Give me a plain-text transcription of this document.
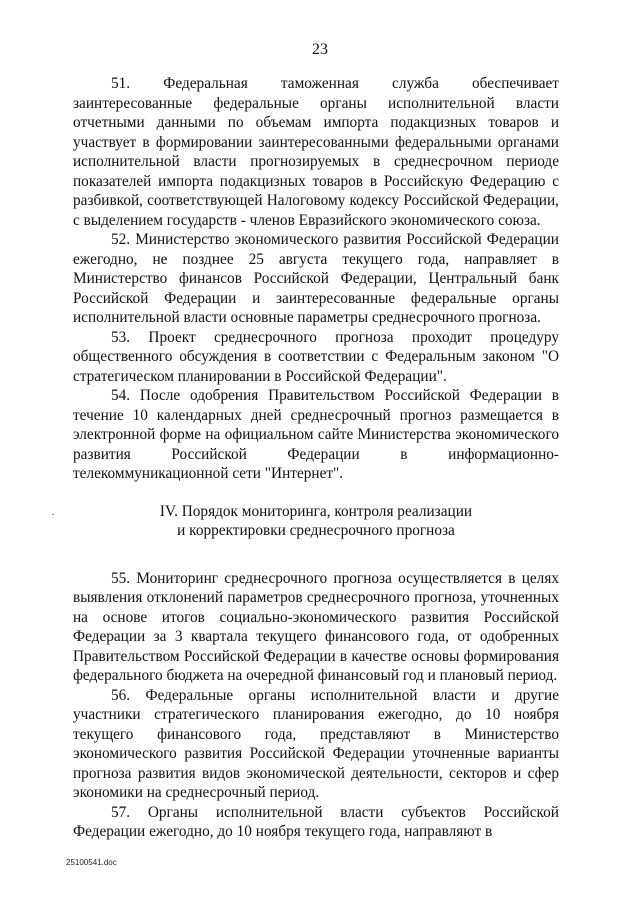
23

51. Федеральная таможенная служба обеспечивает заинтересованные федеральные органы исполнительной власти отчетными данными по объемам импорта подакцизных товаров и участвует в формировании заинтересованными федеральными органами исполнительной власти прогнозируемых в среднесрочном периоде показателей импорта подакцизных товаров в Российскую Федерацию с разбивкой, соответствующей Налоговому кодексу Российской Федерации, с выделением государств - членов Евразийского экономического союза.

52. Министерство экономического развития Российской Федерации ежегодно, не позднее 25 августа текущего года, направляет в Министерство финансов Российской Федерации, Центральный банк Российской Федерации и заинтересованные федеральные органы исполнительной власти основные параметры среднесрочного прогноза.

53. Проект среднесрочного прогноза проходит процедуру общественного обсуждения в соответствии с Федеральным законом "О стратегическом планировании в Российской Федерации".

54. После одобрения Правительством Российской Федерации в течение 10 календарных дней среднесрочный прогноз размещается в электронной форме на официальном сайте Министерства экономического развития Российской Федерации в информационно-телекоммуникационной сети "Интернет".

IV. Порядок мониторинга, контроля реализации
и корректировки среднесрочного прогноза

55. Мониторинг среднесрочного прогноза осуществляется в целях выявления отклонений параметров среднесрочного прогноза, уточненных на основе итогов социально-экономического развития Российской Федерации за 3 квартала текущего финансового года, от одобренных Правительством Российской Федерации в качестве основы формирования федерального бюджета на очередной финансовый год и плановый период.

56. Федеральные органы исполнительной власти и другие участники стратегического планирования ежегодно, до 10 ноября текущего финансового года, представляют в Министерство экономического развития Российской Федерации уточненные варианты прогноза развития видов экономической деятельности, секторов и сфер экономики на среднесрочный период.

57. Органы исполнительной власти субъектов Российской Федерации ежегодно, до 10 ноября текущего года, направляют в

25100541.doc
